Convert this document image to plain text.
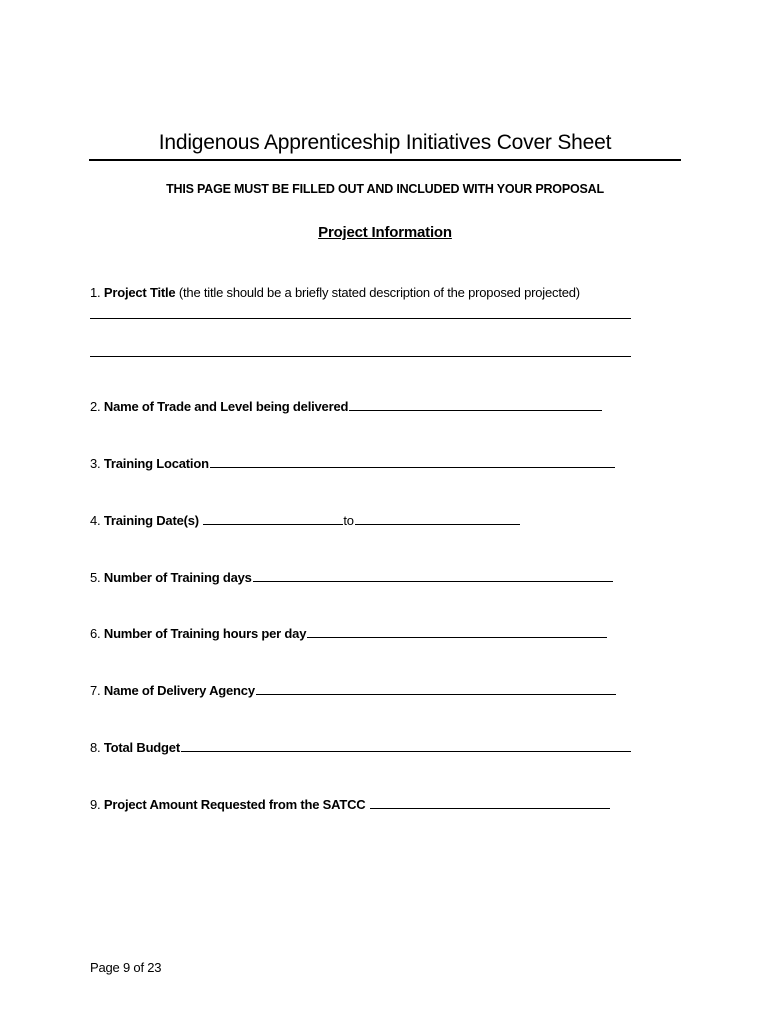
Indigenous Apprenticeship Initiatives Cover Sheet
THIS PAGE MUST BE FILLED OUT AND INCLUDED WITH YOUR PROPOSAL
Project Information
1.
Project Title
(the title should be a briefly stated description of the proposed projected)
2.
Name of Trade and Level being delivered
3.
Training Location
4.
Training Date(s)
	to
5.
Number of Training days
6.
Number of Training hours per day
7.
Name of Delivery Agency
8.
Total Budget
9.
Project Amount Requested from the SATCC

Page 9 of 23
